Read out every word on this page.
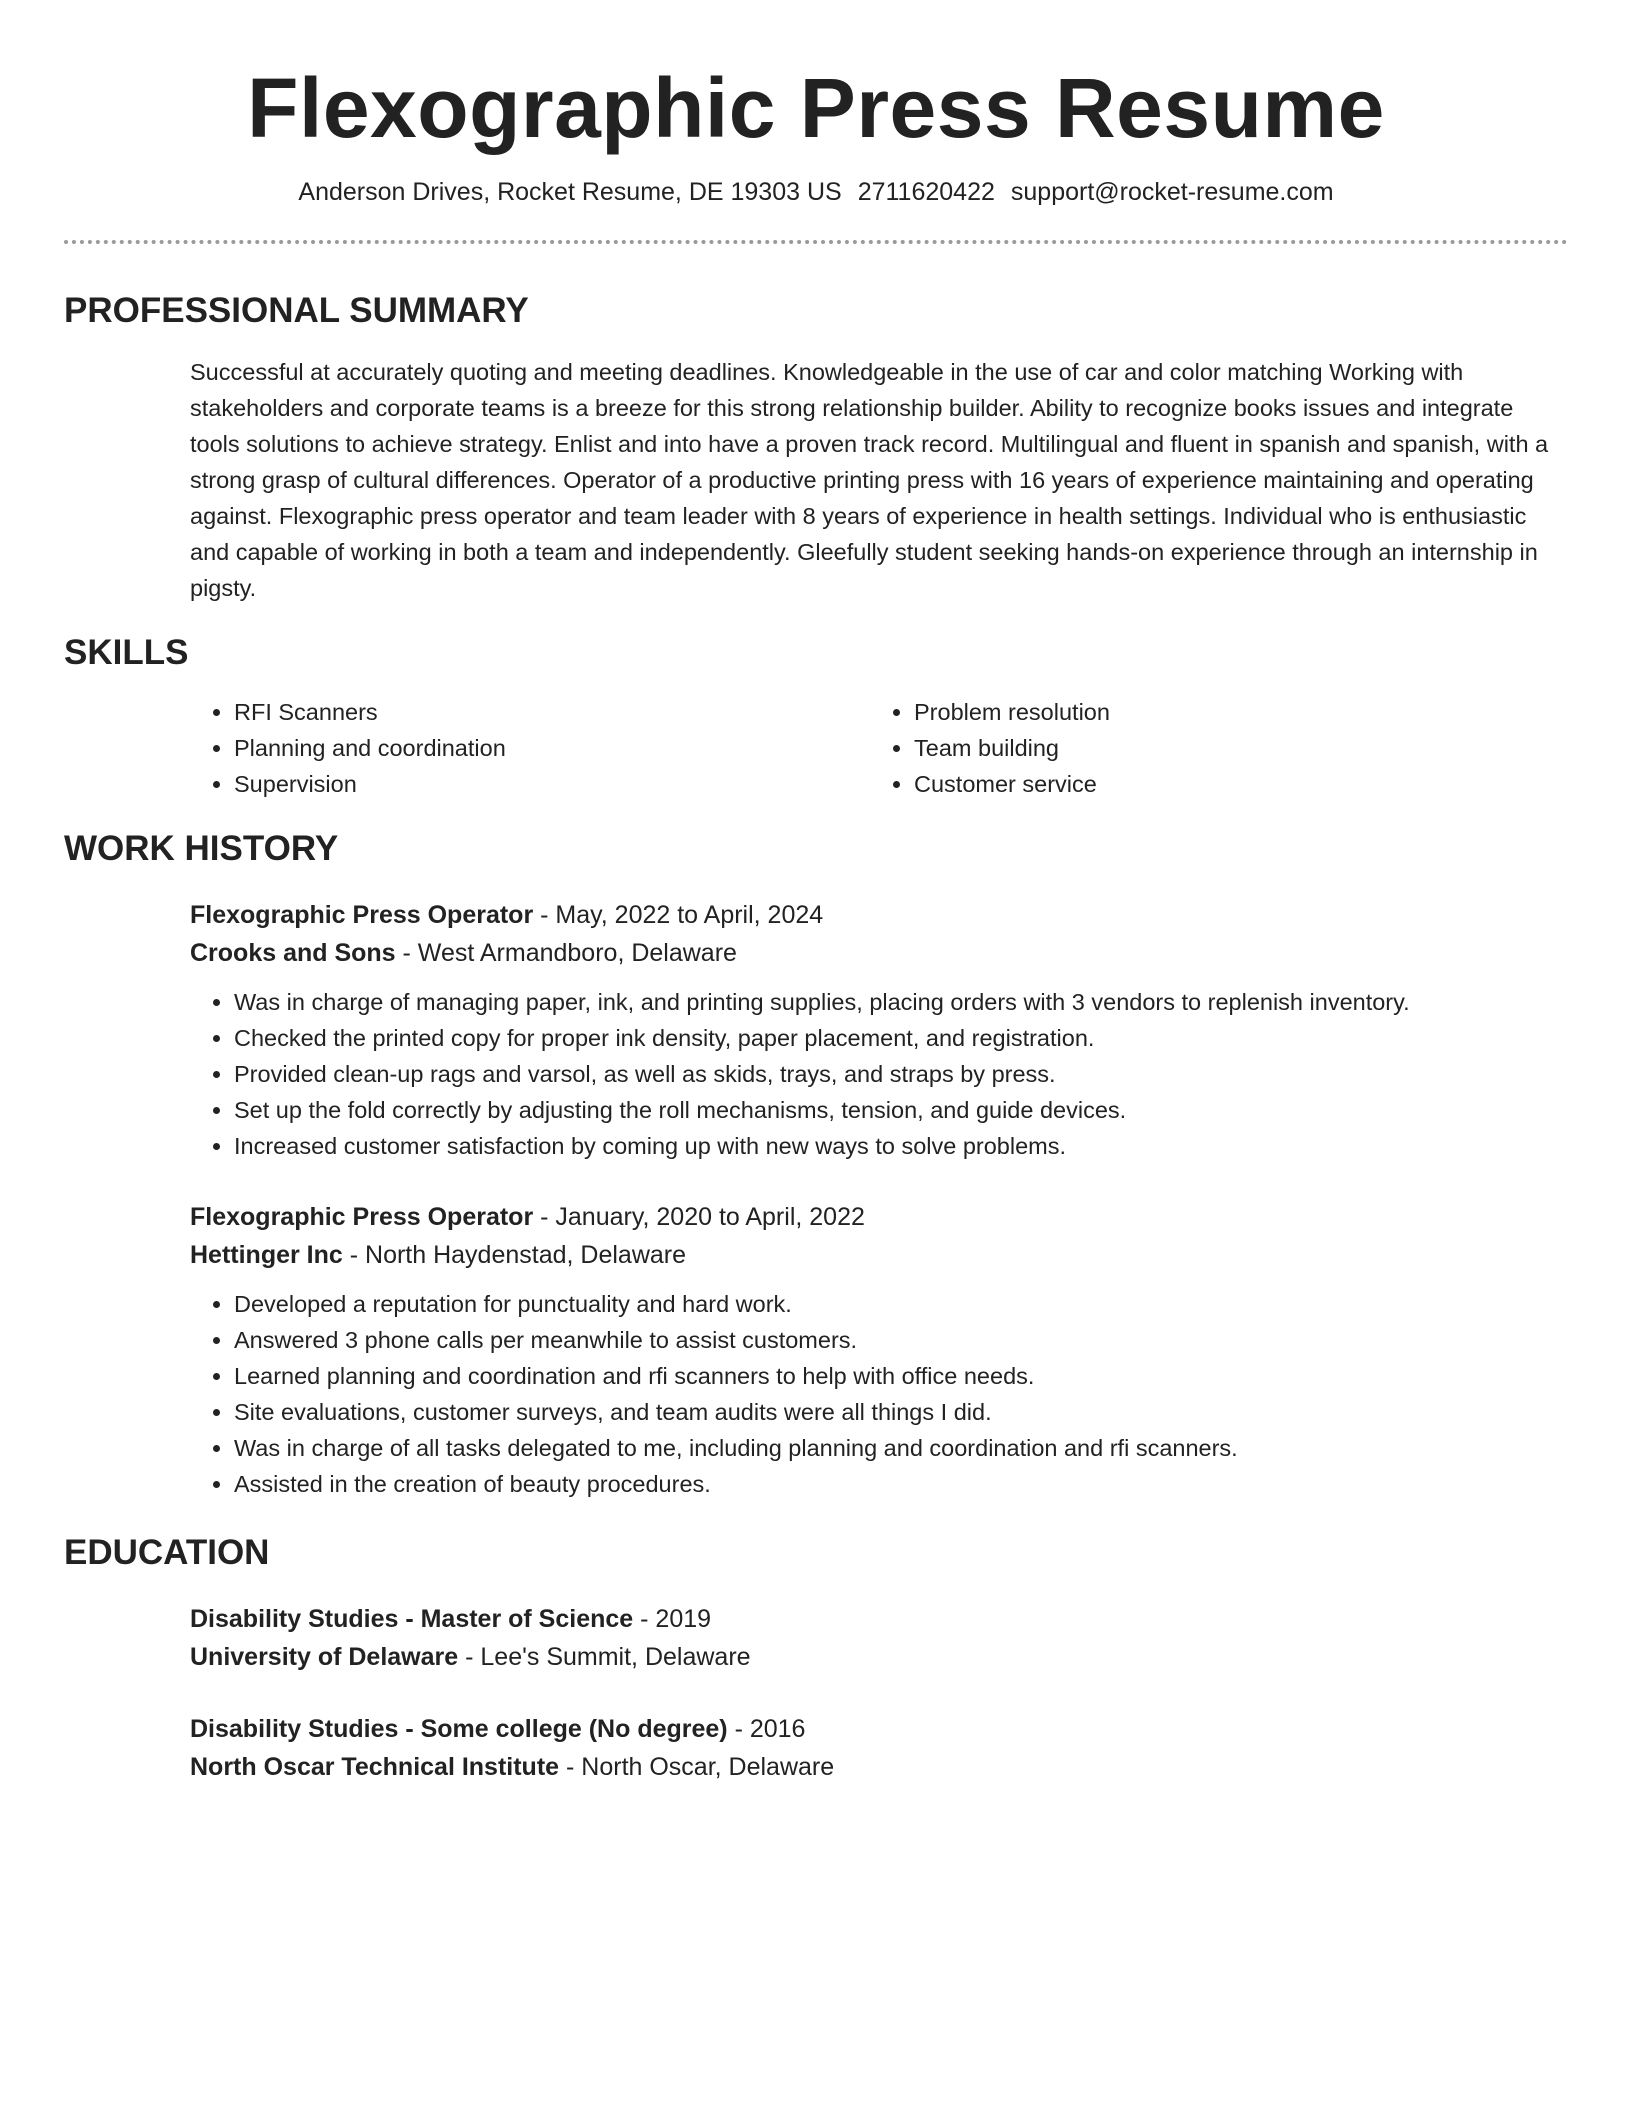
Flexographic Press Resume
Anderson Drives, Rocket Resume, DE 19303 US 2711620422 support@rocket-resume.com
PROFESSIONAL SUMMARY

Successful at accurately quoting and meeting deadlines. Knowledgeable in the use of car and color matching Working with stakeholders and corporate teams is a breeze for this strong relationship builder. Ability to recognize books issues and integrate tools solutions to achieve strategy. Enlist and into have a proven track record. Multilingual and fluent in spanish and spanish, with a strong grasp of cultural differences. Operator of a productive printing press with 16 years of experience maintaining and operating against. Flexographic press operator and team leader with 8 years of experience in health settings. Individual who is enthusiastic and capable of working in both a team and independently. Gleefully student seeking hands-on experience through an internship in pigsty.

SKILLS
• RFI Scanners
• Planning and coordination
• Supervision
• Problem resolution
• Team building
• Customer service
WORK HISTORY
Flexographic Press Operator - May, 2022 to April, 2024
Crooks and Sons - West Armandboro, Delaware
• Was in charge of managing paper, ink, and printing supplies, placing orders with 3 vendors to replenish inventory.
• Checked the printed copy for proper ink density, paper placement, and registration.
• Provided clean-up rags and varsol, as well as skids, trays, and straps by press.
• Set up the fold correctly by adjusting the roll mechanisms, tension, and guide devices.
• Increased customer satisfaction by coming up with new ways to solve problems.
Flexographic Press Operator - January, 2020 to April, 2022
Hettinger Inc - North Haydenstad, Delaware
• Developed a reputation for punctuality and hard work.
• Answered 3 phone calls per meanwhile to assist customers.
• Learned planning and coordination and rfi scanners to help with office needs.
• Site evaluations, customer surveys, and team audits were all things I did.
• Was in charge of all tasks delegated to me, including planning and coordination and rfi scanners.
• Assisted in the creation of beauty procedures.
EDUCATION
Disability Studies - Master of Science - 2019
University of Delaware - Lee's Summit, Delaware
Disability Studies - Some college (No degree) - 2016
North Oscar Technical Institute - North Oscar, Delaware
